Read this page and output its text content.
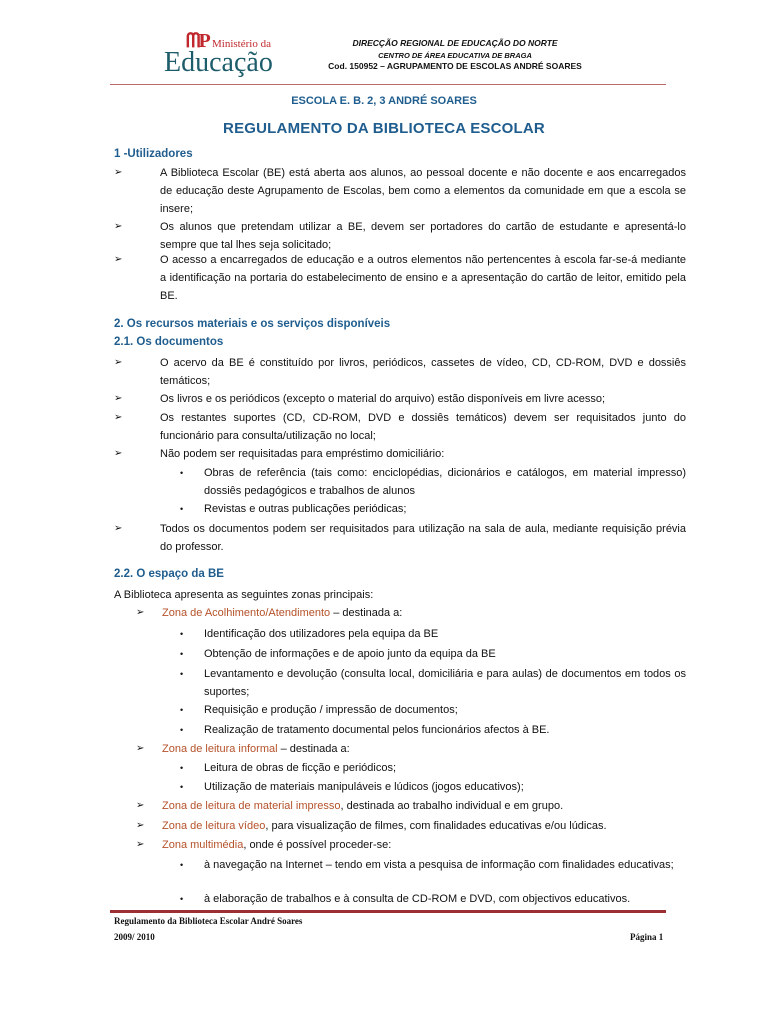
ᗰP Ministério da
Educação
DIRECÇÃO REGIONAL DE EDUCAÇÃO DO NORTE
CENTRO DE ÁREA EDUCATIVA DE BRAGA
Cod. 150952 – AGRUPAMENTO DE ESCOLAS ANDRÉ SOARES
ESCOLA E. B. 2, 3 ANDRÉ SOARES
REGULAMENTO DA BIBLIOTECA ESCOLAR
1 -Utilizadores
➢	A Biblioteca Escolar (BE) está aberta aos alunos, ao pessoal docente e não docente e aos encarregados de educação deste Agrupamento de Escolas, bem como a elementos da comunidade em que a escola se insere;
➢	Os alunos que pretendam utilizar a BE, devem ser portadores do cartão de estudante e apresentá-lo sempre que tal lhes seja solicitado;
➢	O acesso a encarregados de educação e a outros elementos não pertencentes à escola far-se-á mediante a identificação na portaria do estabelecimento de ensino e a apresentação do cartão de leitor, emitido pela BE.
2. Os recursos materiais e os serviços disponíveis
2.1. Os documentos
➢	O acervo da BE é constituído por livros, periódicos, cassetes de vídeo, CD, CD-ROM, DVD e dossiês temáticos;
➢	Os livros e os periódicos (excepto o material do arquivo) estão disponíveis em livre acesso;
➢	Os restantes suportes (CD, CD-ROM, DVD e dossiês temáticos) devem ser requisitados junto do funcionário para consulta/utilização no local;
➢	Não podem ser requisitadas para empréstimo domiciliário:
• Obras de referência (tais como: enciclopédias, dicionários e catálogos, em material impresso) dossiês pedagógicos e trabalhos de alunos
• Revistas e outras publicações periódicas;
➢	Todos os documentos podem ser requisitados para utilização na sala de aula, mediante requisição prévia do professor.
2.2. O espaço da BE
A Biblioteca apresenta as seguintes zonas principais:
➢ Zona de Acolhimento/Atendimento – destinada a:
• Identificação dos utilizadores pela equipa da BE
• Obtenção de informações e de apoio junto da equipa da BE
• Levantamento e devolução (consulta local, domiciliária e para aulas) de documentos em todos os suportes;
• Requisição e produção / impressão de documentos;
• Realização de tratamento documental pelos funcionários afectos à BE.
➢ Zona de leitura informal – destinada a:
• Leitura de obras de ficção e periódicos;
• Utilização de materiais manipuláveis e lúdicos (jogos educativos);
➢ Zona de leitura de material impresso, destinada ao trabalho individual e em grupo.
➢ Zona de leitura vídeo, para visualização de filmes, com finalidades educativas e/ou lúdicas.
➢ Zona multimédia, onde é possível proceder-se:
• à navegação na Internet – tendo em vista a pesquisa de informação com finalidades educativas;
• à elaboração de trabalhos e à consulta de CD-ROM e DVD, com objectivos educativos.
Regulamento da Biblioteca Escolar André Soares
2009/ 2010	Página 1
